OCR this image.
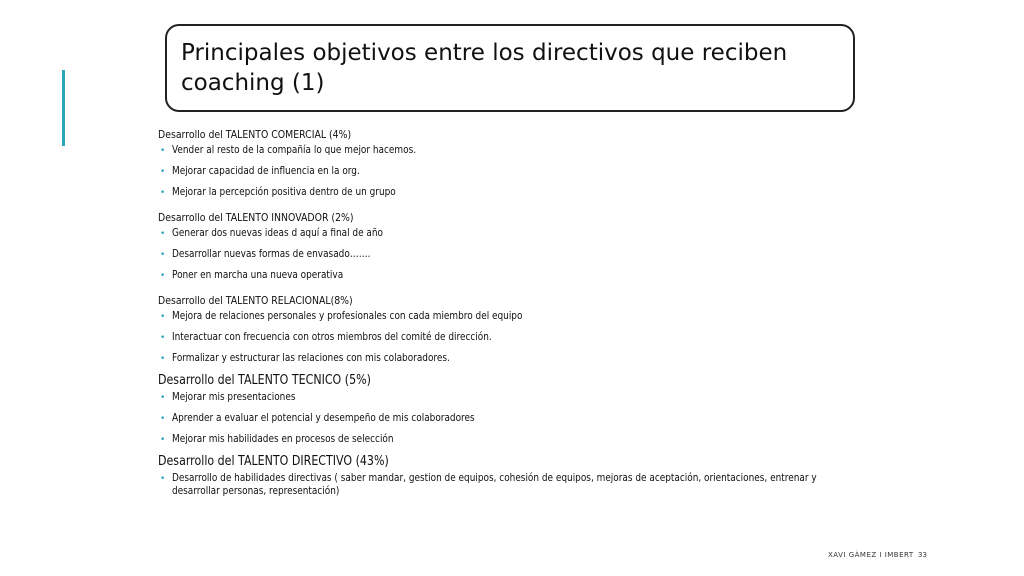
Principales objetivos entre los directivos que reciben coaching (1)

Desarrollo del TALENTO COMERCIAL (4%)

• Vender al resto de la compañía lo que mejor hacemos.
• Mejorar capacidad de influencia en la org.
• Mejorar la percepción positiva dentro de un grupo

Desarrollo del TALENTO INNOVADOR (2%)

• Generar dos nuevas ideas d aquí a final de año
• Desarrollar nuevas formas de envasado…….
• Poner en marcha una nueva operativa

Desarrollo del TALENTO RELACIONAL(8%)

• Mejora de relaciones personales y profesionales con cada miembro del equipo
• Interactuar con frecuencia con otros miembros del comité de dirección.
• Formalizar y estructurar las relaciones con mis colaboradores.

Desarrollo del TALENTO TECNICO (5%)

• Mejorar mis presentaciones
• Aprender a evaluar el potencial y desempeño de mis colaboradores
• Mejorar mis habilidades en procesos de selección

Desarrollo del TALENTO DIRECTIVO (43%)

• Desarrollo de habilidades directivas ( saber mandar, gestion de equipos, cohesión de equipos, mejoras de aceptación, orientaciones, entrenar y desarrollar personas, representación)
XAVI GÀMEZ I IMBERT 33
